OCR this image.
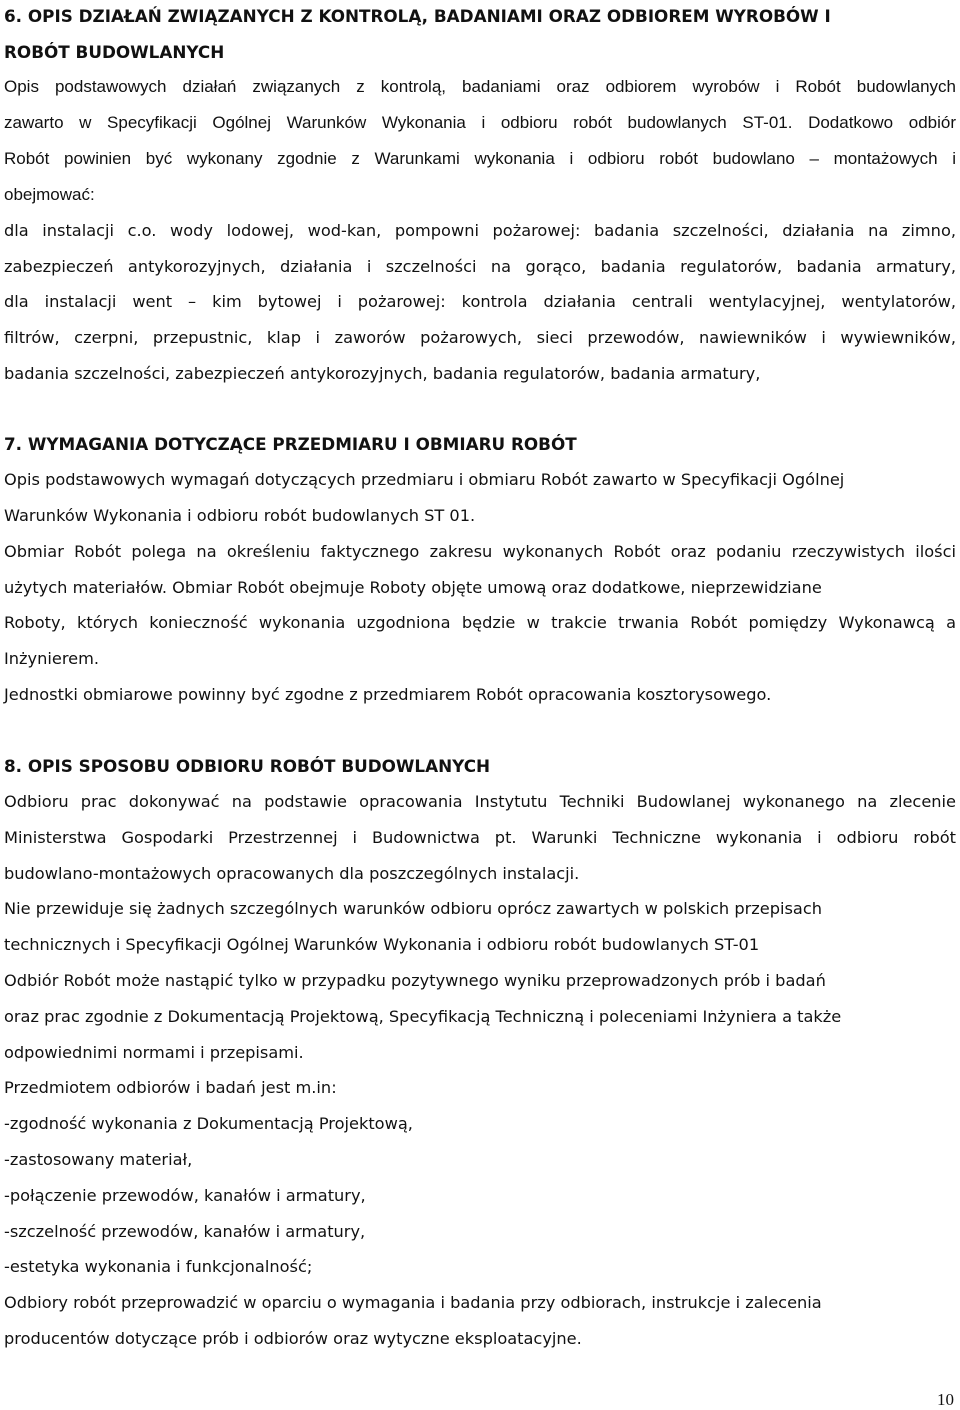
6. OPIS DZIAŁAŃ ZWIĄZANYCH Z KONTROLĄ, BADANIAMI ORAZ ODBIOREM WYROBÓW I
ROBÓT BUDOWLANYCH
Opis podstawowych działań związanych z kontrolą, badaniami oraz odbiorem wyrobów i Robót budowlanych
zawarto w Specyfikacji Ogólnej Warunków Wykonania i odbioru robót budowlanych ST-01. Dodatkowo odbiór
Robót powinien być wykonany zgodnie z Warunkami wykonania i odbioru robót budowlano – montażowych i
obejmować:
dla instalacji c.o. wody lodowej, wod-kan, pompowni pożarowej: badania szczelności, działania na zimno,
zabezpieczeń antykorozyjnych, działania i szczelności na gorąco, badania regulatorów, badania armatury,
dla instalacji went – kim bytowej i pożarowej: kontrola działania centrali wentylacyjnej, wentylatorów,
filtrów, czerpni, przepustnic, klap i zaworów pożarowych, sieci przewodów, nawiewników i wywiewników,
badania szczelności, zabezpieczeń antykorozyjnych, badania regulatorów, badania armatury,
7. WYMAGANIA DOTYCZĄCE PRZEDMIARU I OBMIARU ROBÓT
Opis podstawowych wymagań dotyczących przedmiaru i obmiaru Robót zawarto w Specyfikacji Ogólnej
Warunków Wykonania i odbioru robót budowlanych ST 01.
Obmiar Robót polega na określeniu faktycznego zakresu wykonanych Robót oraz podaniu rzeczywistych ilości
użytych materiałów. Obmiar Robót obejmuje Roboty objęte umową oraz dodatkowe, nieprzewidziane
Roboty, których konieczność wykonania uzgodniona będzie w trakcie trwania Robót pomiędzy Wykonawcą a
Inżynierem.
Jednostki obmiarowe powinny być zgodne z przedmiarem Robót opracowania kosztorysowego.
8. OPIS SPOSOBU ODBIORU ROBÓT BUDOWLANYCH
Odbioru prac dokonywać na podstawie opracowania Instytutu Techniki Budowlanej wykonanego na zlecenie
Ministerstwa Gospodarki Przestrzennej i Budownictwa pt. Warunki Techniczne wykonania i odbioru robót
budowlano-montażowych opracowanych dla poszczególnych instalacji.
Nie przewiduje się żadnych szczególnych warunków odbioru oprócz zawartych w polskich przepisach
technicznych i Specyfikacji Ogólnej Warunków Wykonania i odbioru robót budowlanych ST-01
Odbiór Robót może nastąpić tylko w przypadku pozytywnego wyniku przeprowadzonych prób i badań
oraz prac zgodnie z Dokumentacją Projektową, Specyfikacją Techniczną i poleceniami Inżyniera a także
odpowiednimi normami i przepisami.
Przedmiotem odbiorów i badań jest m.in:
-zgodność wykonania z Dokumentacją Projektową,
-zastosowany materiał,
-połączenie przewodów, kanałów i armatury,
-szczelność przewodów, kanałów i armatury,
-estetyka wykonania i funkcjonalność;
Odbiory robót przeprowadzić w oparciu o wymagania i badania przy odbiorach, instrukcje i zalecenia
producentów dotyczące prób i odbiorów oraz wytyczne eksploatacyjne.
10
